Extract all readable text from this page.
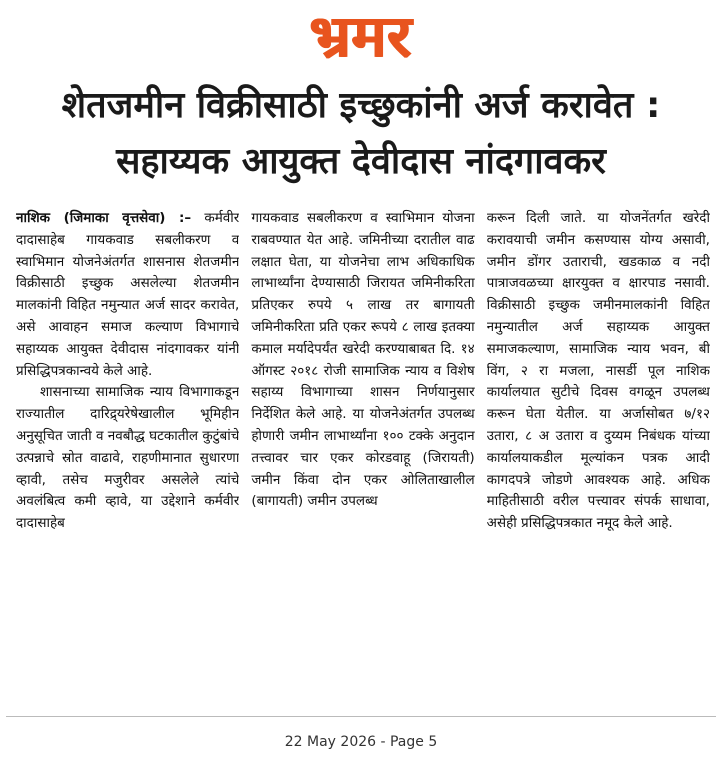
भ्रमर
शेतजमीन विक्रीसाठी इच्छुकांनी अर्ज करावेत :
सहाय्यक आयुक्त देवीदास नांदगावकर

नाशिक (जिमाका वृत्तसेवा) :– कर्मवीर दादासाहेब गायकवाड सबलीकरण व स्वाभिमान योजनेअंतर्गत शासनास शेतजमीन विक्रीसाठी इच्छुक असलेल्या शेतजमीन मालकांनी विहित नमुन्यात अर्ज सादर करावेत, असे आवाहन समाज कल्याण विभागाचे सहाय्यक आयुक्त देवीदास नांदगावकर यांनी प्रसिद्धिपत्रकान्वये केले आहे.

शासनाच्या सामाजिक न्याय विभागाकडून राज्यातील दारिद्र्यरेषेखालील भूमिहीन अनुसूचित जाती व नवबौद्ध घटकातील कुटुंबांचे उत्पन्नाचे स्रोत वाढावे, राहणीमानात सुधारणा व्हावी, तसेच मजुरीवर असलेले त्यांचे अवलंबित्व कमी व्हावे, या उद्देशाने कर्मवीर दादासाहेब

गायकवाड सबलीकरण व स्वाभिमान योजना राबवण्यात येत आहे. जमिनीच्या दरातील वाढ लक्षात घेता, या योजनेचा लाभ अधिकाधिक लाभार्थ्यांना देण्यासाठी जिरायत जमिनीकरिता प्रतिएकर रुपये ५ लाख तर बागायती जमिनीकरिता प्रति एकर रूपये ८ लाख इतक्या कमाल मर्यादेपर्यंत खरेदी करण्याबाबत दि. १४ ऑगस्ट २०१८ रोजी सामाजिक न्याय व विशेष सहाय्य विभागाच्या शासन निर्णयानुसार निर्देशित केले आहे. या योजनेअंतर्गत उपलब्ध होणारी जमीन लाभार्थ्यांना १०० टक्के अनुदान तत्त्वावर चार एकर कोरडवाहू (जिरायती) जमीन किंवा दोन एकर ओलिताखालील (बागायती) जमीन उपलब्ध

करून दिली जाते. या योजनेंतर्गत खरेदी करावयाची जमीन कसण्यास योग्य असावी, जमीन डोंगर उताराची, खडकाळ व नदी पात्राजवळच्या क्षारयुक्त व क्षारपाड नसावी. विक्रीसाठी इच्छुक जमीनमालकांनी विहित नमुन्यातील अर्ज सहाय्यक आयुक्त समाजकल्याण, सामाजिक न्याय भवन, बी विंग, २ रा मजला, नासर्डी पूल नाशिक कार्यालयात सुटीचे दिवस वगळून उपलब्ध करून घेता येतील. या अर्जासोबत ७/१२ उतारा, ८ अ उतारा व दुय्यम निबंधक यांच्या कार्यालयाकडील मूल्यांकन पत्रक आदी कागदपत्रे जोडणे आवश्यक आहे. अधिक माहितीसाठी वरील पत्त्यावर संपर्क साधावा, असेही प्रसिद्धिपत्रकात नमूद केले आहे.

22 May 2026 - Page 5
